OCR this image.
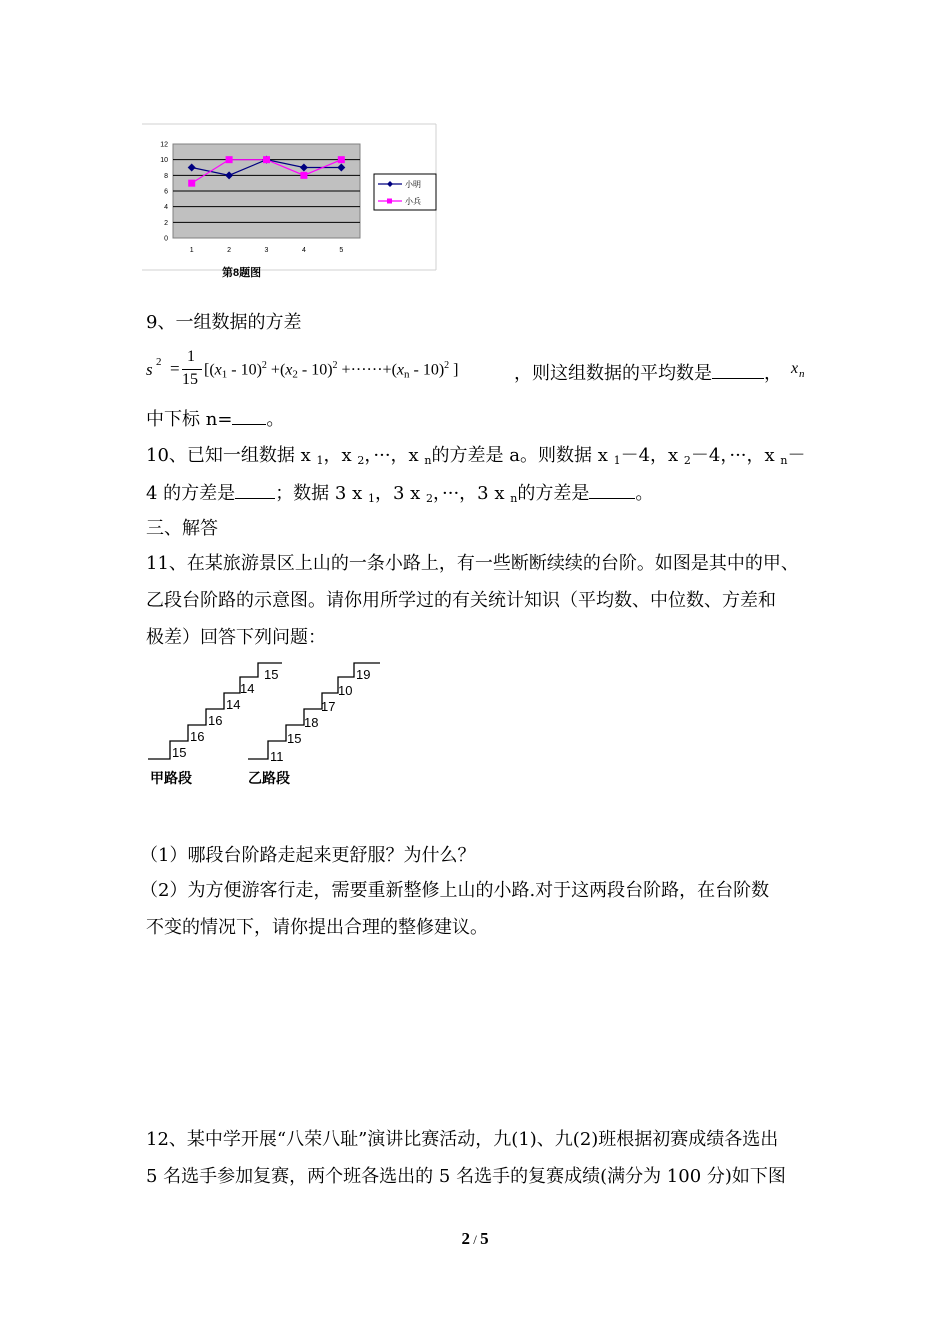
0
2
4
6
8
10
12
1	2	3	4	5
小明
小兵
第8题图
9、一组数据的方差
s 2 =
1
15
[$(x_1 - 10)^2 +(x_2 - 10)^2 +\cdot\cdot\cdot\cdot\cdot\cdot+(x_n - 10)^2$ ]	，则这组数据的平均数是	， x n
中下标 n= 。
10、已知一组数据 x $_1$，x $_2$，···，x $_n$的方差是 a。则数据 x $_1$－4，x $_2$－4，···，x $_n$－
4 的方差是 ；数据 3 x $_1$，3 x $_2$，···，3 x $_n$的方差是	。
三、解答
11、在某旅游景区上山的一条小路上，有一些断断续续的台阶。如图是其中的甲、
乙段台阶路的示意图。请你用所学过的有关统计知识（平均数、中位数、方差和
极差）回答下列问题：
15
16
16
14
14
15
11
15
18
17
10
19
甲路段	乙路段
（1）哪段台阶路走起来更舒服？为什么？
（2）为方便游客行走，需要重新整修上山的小路.对于这两段台阶路，在台阶数
不变的情况下，请你提出合理的整修建议。
12、某中学开展“八荣八耻”演讲比赛活动，九(1)、九(2)班根据初赛成绩各选出
5 名选手参加复赛，两个班各选出的 5 名选手的复赛成绩(满分为 100 分)如下图
2 / 5
